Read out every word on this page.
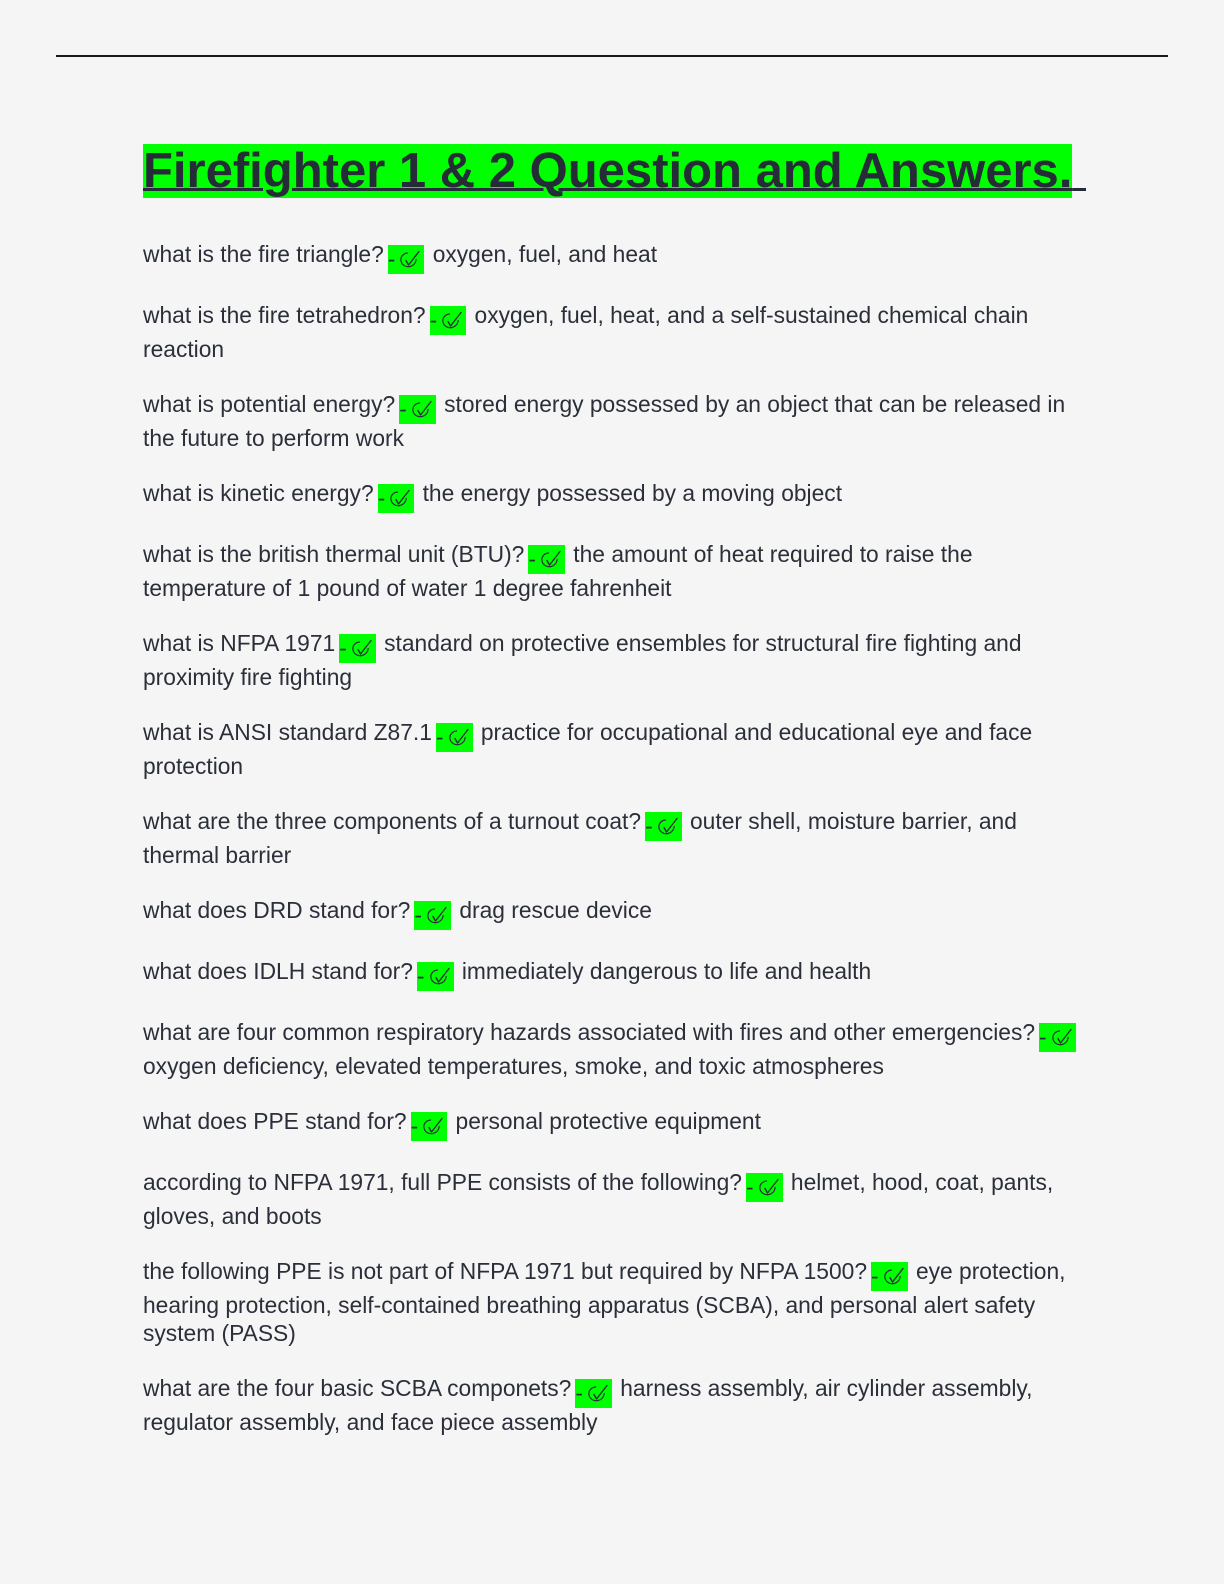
Firefighter 1 & 2 Question and Answers.

what is the fire triangle? - oxygen, fuel, and heat

what is the fire tetrahedron? - oxygen, fuel, heat, and a self-sustained chemical chain reaction

what is potential energy? - stored energy possessed by an object that can be released in the future to perform work

what is kinetic energy? - the energy possessed by a moving object

what is the british thermal unit (BTU)? - the amount of heat required to raise the temperature of 1 pound of water 1 degree fahrenheit

what is NFPA 1971 - standard on protective ensembles for structural fire fighting and proximity fire fighting

what is ANSI standard Z87.1 - practice for occupational and educational eye and face protection

what are the three components of a turnout coat? - outer shell, moisture barrier, and thermal barrier

what does DRD stand for? - drag rescue device

what does IDLH stand for? - immediately dangerous to life and health

what are four common respiratory hazards associated with fires and other emergencies? - oxygen deficiency, elevated temperatures, smoke, and toxic atmospheres

what does PPE stand for? - personal protective equipment

according to NFPA 1971, full PPE consists of the following? - helmet, hood, coat, pants, gloves, and boots

the following PPE is not part of NFPA 1971 but required by NFPA 1500? - eye protection, hearing protection, self-contained breathing apparatus (SCBA), and personal alert safety system (PASS)

what are the four basic SCBA componets? - harness assembly, air cylinder assembly, regulator assembly, and face piece assembly
